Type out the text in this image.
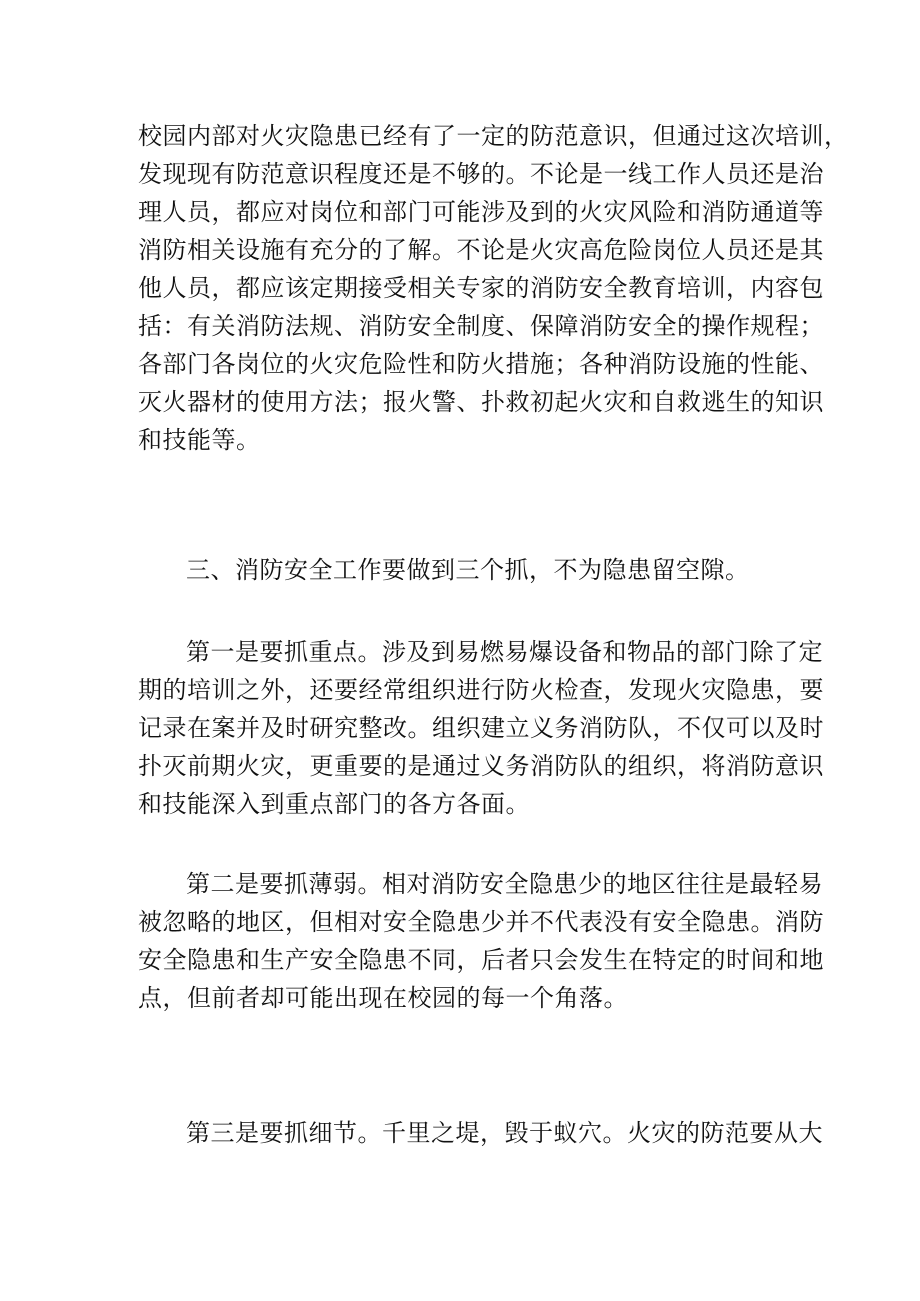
校园内部对火灾隐患已经有了一定的防范意识，但通过这次培训，
发现现有防范意识程度还是不够的。不论是一线工作人员还是治
理人员，都应对岗位和部门可能涉及到的火灾风险和消防通道等
消防相关设施有充分的了解。不论是火灾高危险岗位人员还是其
他人员，都应该定期接受相关专家的消防安全教育培训，内容包
括：有关消防法规、消防安全制度、保障消防安全的操作规程；
各部门各岗位的火灾危险性和防火措施；各种消防设施的性能、
灭火器材的使用方法；报火警、扑救初起火灾和自救逃生的知识
和技能等。
三、消防安全工作要做到三个抓，不为隐患留空隙。
第一是要抓重点。涉及到易燃易爆设备和物品的部门除了定
期的培训之外，还要经常组织进行防火检查，发现火灾隐患，要
记录在案并及时研究整改。组织建立义务消防队，不仅可以及时
扑灭前期火灾，更重要的是通过义务消防队的组织，将消防意识
和技能深入到重点部门的各方各面。
第二是要抓薄弱。相对消防安全隐患少的地区往往是最轻易
被忽略的地区，但相对安全隐患少并不代表没有安全隐患。消防
安全隐患和生产安全隐患不同，后者只会发生在特定的时间和地
点，但前者却可能出现在校园的每一个角落。
第三是要抓细节。千里之堤，毁于蚁穴。火灾的防范要从大
